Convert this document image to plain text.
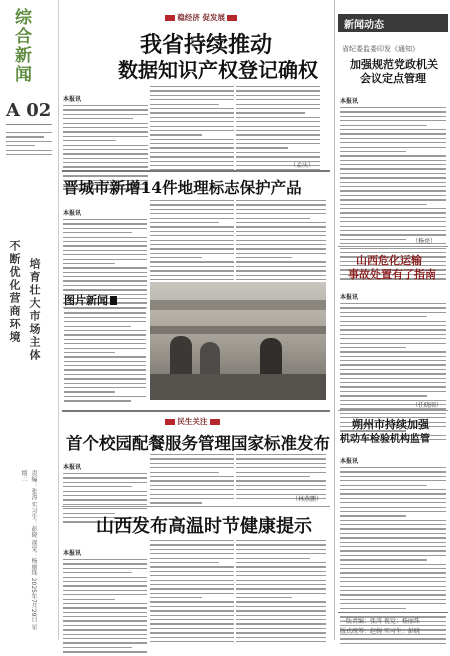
综合新闻
A 02
不断优化营商环境 培育壮大市场主体
责编：张涛 实习生：彭晓 视觉：杨丽珠 2025年7月29日 星期二
稳经济 促发展
我省持续推动
数据知识产权登记确权
本报讯
（孟庆）
晋城市新增14件地理标志保护产品
本报讯
图片新闻
民生关注
首个校园配餐服务管理国家标准发布
本报讯
（林燕鹏）
山西发布高温时节健康提示
本报讯
新闻动态
省纪委监委印发《通知》
加强规范党政机关
会议定点管理
本报讯
（杨亮）
山西危化运输
事故处置有了指南
本报讯
（任晓雨）
朔州市持续加强
机动车检验机构监管
本报讯
一版责编：张涛 视觉：杨丽珠
版式统筹：赵婉 实习生：彭晓
